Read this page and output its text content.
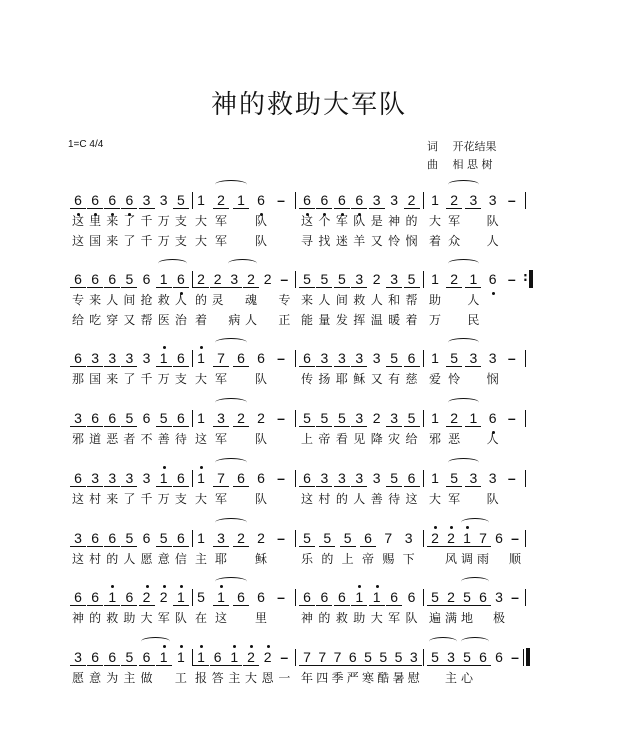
神的救助大军队
1=C 4/4	词 开花结果
曲 相 思 树
6 6 6 6 3 3 5 1 2 1 6 – 6 6 6 6 3 3 2 1 2 3 3 –
这 里 来 了 千 万 支 大 军 队	这 个 军 队 是 神 的 大 军 队
这 国 来 了 千 万 支 大 军 队	寻 找 迷 羊 又 怜 悯 着 众 人
6 6 6 5 6 1 6 2 2 3 2 2 – 5 5 5 3 2 3 5 1 2 1 6 – :
专 来 人 间 抢 救 人 的 灵 魂 专 来 人 间 救 人 和 帮 助 人
给 吃 穿 又 帮 医 治 着 病 人 正 能 量 发 挥 温 暖 着 万 民
6 3 3 3 3 1 6 1 7 6 6 – 6 3 3 3 3 5 6 1 5 3 3 –
那 国 来 了 千 万 支 大 军 队	传 扬 耶 稣 又 有 慈 爱 怜 悯
3 6 6 5 6 5 6 1 3 2 2 – 5 5 5 3 2 3 5 1 2 1 6 –
邪 道 恶 者 不 善 待 这 军 队	上 帝 看 见 降 灾 给 邪 恶 人
6 3 3 3 3 1 6 1 7 6 6 – 6 3 3 3 3 5 6 1 5 3 3 –
这 村 来 了 千 万 支 大 军 队	这 村 的 人 善 待 这 大 军 队
3 6 6 5 6 5 6 1 3 2 2 – 5 5 5 6 7 3 2 2 1 7 6 –
这 村 的 人 愿 意 信 主 耶 稣	乐 的 上 帝 赐 下	风 调 雨 顺
6 6 1 6 2 2 1 5 1 6 6 – 6 6 6 1 1 6 6 5 2 5 6 3 –
神 的 救 助 大 军 队 在 这 里	神 的 救 助 大 军 队 遍 满 地 极
3 6 6 5 6 1 1 1 6 1 2 2 – 7 7 7 6 5 5 5 3 5 3 5 6 6 –
愿 意 为 主 做 工 报 答 主 大 恩 一 年 四 季 严 寒 酷 暑 慰 主 心
